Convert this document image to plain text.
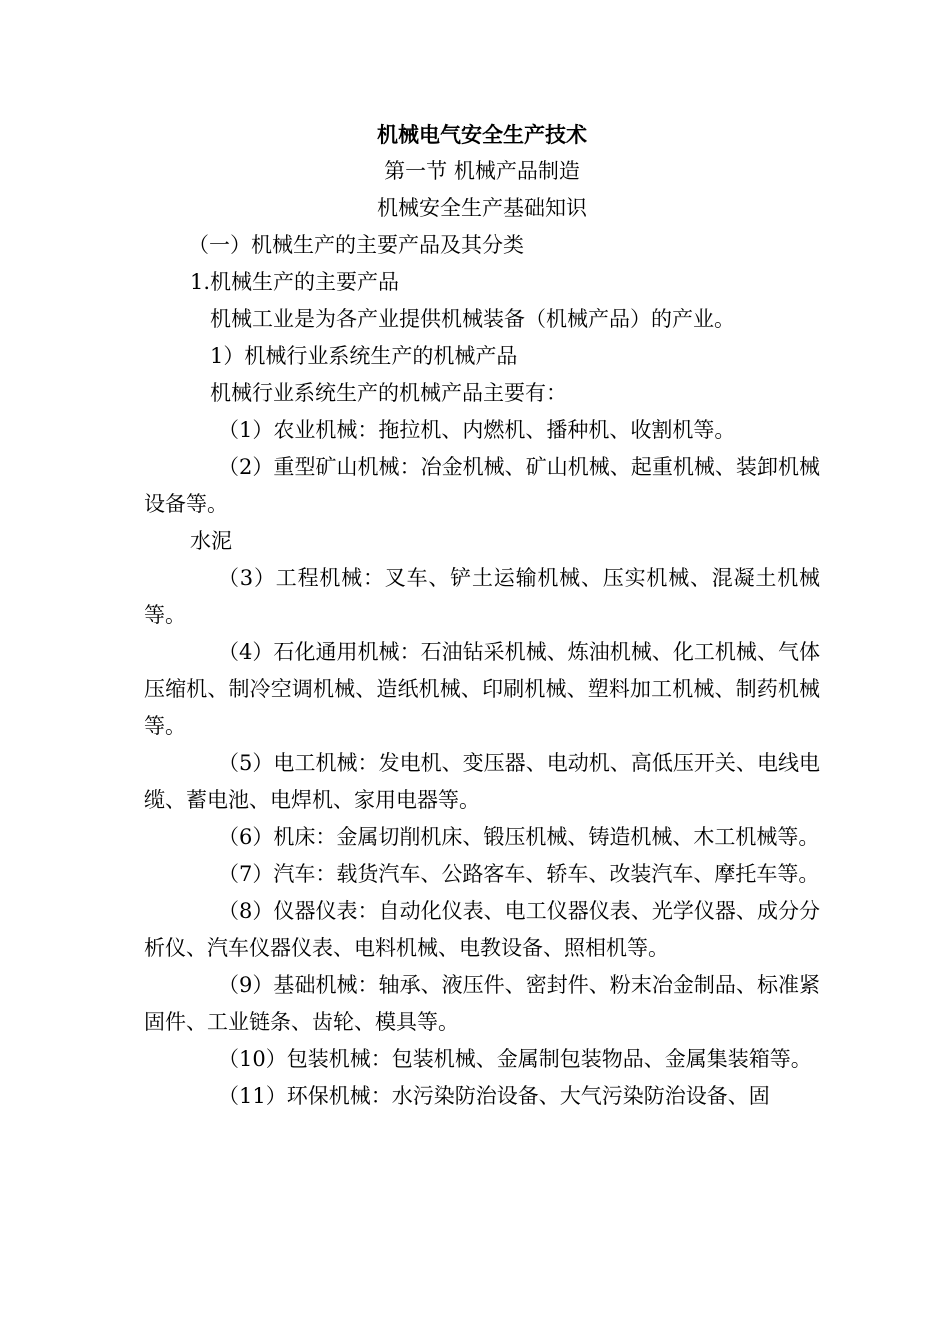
机械电气安全生产技术
第一节 机械产品制造
机械安全生产基础知识
（一）机械生产的主要产品及其分类
1.机械生产的主要产品
机械工业是为各产业提供机械装备（机械产品）的产业。
1）机械行业系统生产的机械产品
机械行业系统生产的机械产品主要有：
（1）农业机械：拖拉机、内燃机、播种机、收割机等。

（2）重型矿山机械：冶金机械、矿山机械、起重机械、装卸机械设备等。

水泥

（3）工程机械：叉车、铲土运输机械、压实机械、混凝土机械等。

（4）石化通用机械：石油钻采机械、炼油机械、化工机械、气体压缩机、制冷空调机械、造纸机械、印刷机械、塑料加工机械、制药机械等。

（5）电工机械：发电机、变压器、电动机、高低压开关、电线电缆、蓄电池、电焊机、家用电器等。

（6）机床：金属切削机床、锻压机械、铸造机械、木工机械等。

（7）汽车：载货汽车、公路客车、轿车、改装汽车、摩托车等。

（8）仪器仪表：自动化仪表、电工仪器仪表、光学仪器、成分分析仪、汽车仪器仪表、电料机械、电教设备、照相机等。

（9）基础机械：轴承、液压件、密封件、粉末冶金制品、标准紧固件、工业链条、齿轮、模具等。

（10）包装机械：包装机械、金属制包装物品、金属集装箱等。

（11）环保机械：水污染防治设备、大气污染防治设备、固
